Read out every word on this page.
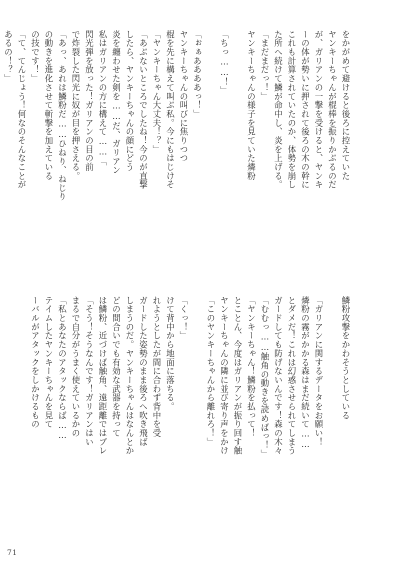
をかがめて避けると後ろに控えていた
ヤンキーちゃんが棍棒を振りかぶるのだ
が、ガリアンの一撃を受けると、ヤンキ
ーの体が勢いに押されて後ろの木の幹に
これも計算されていたのか、体勢を崩し
た所へ続けて鱗が命中し、炎を上げる。
「まだまだっ！」
ヤンキーちゃんの様子を見ていた燐粉
「ちっ……！」
「ぉぁああああっ！」
ヤンキーちゃんの叫びに焦りつつ
棍を先に構えて叫ぶ私。今にもはじけそ
「ヤンキーちゃん大丈夫！？」
「あぶないところでしたね！今のが直撃
したら、ヤンキーちゃんの顔にどう
炎を纏わせた剣を……だ、ガリアン
私はガリアンの方に構えて……「
閃光弾を放った！ガリアンの目の前
で炸裂した閃光に奴が目を押さえる。
「あっ、あれは鱗粉だ……ひねり、ねじり
の動きを進化させて斬撃を加えている
の技です！」
「て、てんじょう！何なのそんなことが
あるの！？」
鱗粉攻撃をかわそうとしている
「ガリアンに関するデータをお願い！
燐粉の霧がかかる森はまだ続いて……
とダメだ！これは幻惑させられてしまう
ガードしても防げないんです！森の木々
「むむっ……触角の動きを読めばっ！」
「ヤンキーちゃん！鱗粉を払って！
とことん、今度はガリアンが振り回す触
ヤンキーちゃんの隣に並び寄り声をかけ
「このヤンキーちゃんから離れろ！」
「くっ！」
けて背中から地面に落ちる。
れようとしたが間に合わず背中を受
ガードした姿勢のまま後ろへ吹き飛ば
しまうのだ。ヤンキーちゃんはなんとか
どの間合いでも有効な武器を持って
は鱗粉、近づけば触角、遠距離ではブレ
「そう！そうなんです！ガリアンはい
まるで自分がうまく使えているかの
「私とあなたのアタックならば……
テイムしたヤンキーちゃんを見て
ーバルがアタックをしかけるもの
71
